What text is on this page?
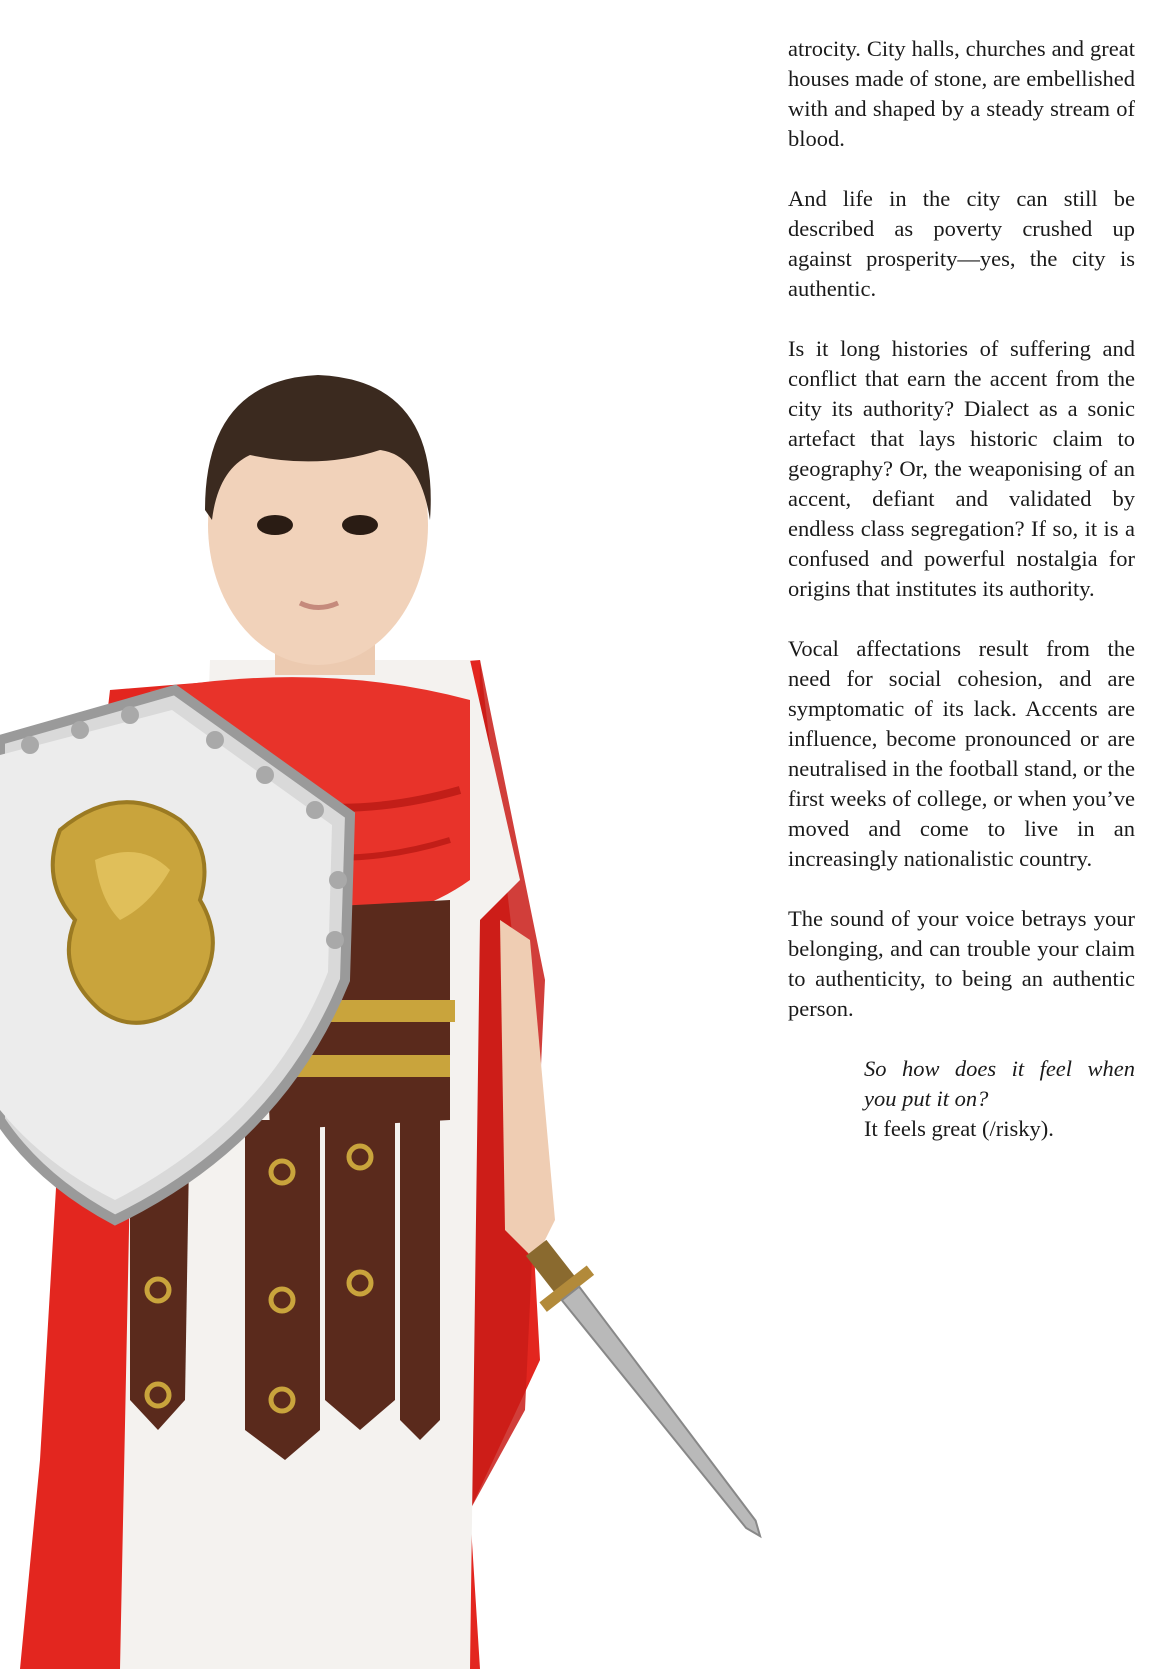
atrocity. City halls, churches and great houses made of stone, are embellished with and shaped by a steady stream of blood.

And life in the city can still be described as poverty crushed up against prosperity—yes, the city is authentic.

Is it long histories of suffering and conflict that earn the accent from the city its authority? Dialect as a sonic artefact that lays historic claim to geography? Or, the weaponising of an accent, defiant and validated by endless class segregation? If so, it is a confused and powerful nostalgia for origins that institutes its authority.

Vocal affectations result from the need for social cohesion, and are symptomatic of its lack. Accents are influence, become pronounced or are neutralised in the football stand, or the first weeks of college, or when you’ve moved and come to live in an increasingly nationalistic country.

The sound of your voice betrays your belonging, and can trouble your claim to authenticity, to being an authentic person.

So how does it feel when
you put it on?
It feels great (/risky).
